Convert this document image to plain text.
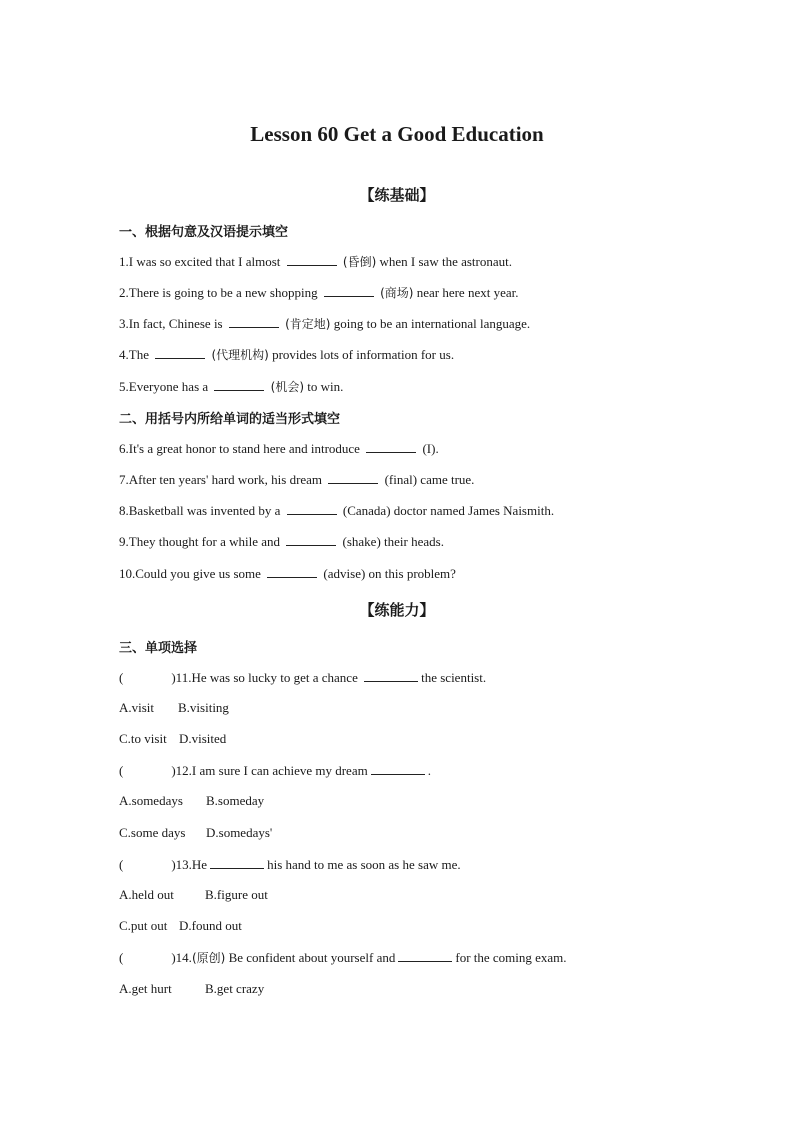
Lesson 60 Get a Good Education
【练基础】
一、根据句意及汉语提示填空
1.I was so excited that I almost	(昏倒) when I saw the astronaut.
2.There is going to be a new shopping	(商场) near here next year.
3.In fact, Chinese is	(肯定地) going to be an international language.
4.The	(代理机构) provides lots of information for us.
5.Everyone has a	(机会) to win.
二、用括号内所给单词的适当形式填空
6.It's a great honor to stand here and introduce	(I).
7.After ten years' hard work, his dream	(final) came true.
8.Basketball was invented by a	(Canada) doctor named James Naismith.
9.They thought for a while and	(shake) their heads.
10.Could you give us some	(advise) on this problem?
【练能力】
三、单项选择
(	)11.He was so lucky to get a chance	the scientist.
A.visit B.visiting
C.to visit D.visited
(	)12.I am sure I can achieve my dream	.
A.somedays B.someday
C.some days D.somedays'
(	)13.He	his hand to me as soon as he saw me.
A.held out B.figure out
C.put out D.found out
(	)14.(原创) Be confident about yourself and	for the coming exam.
A.get hurt	B.get crazy
